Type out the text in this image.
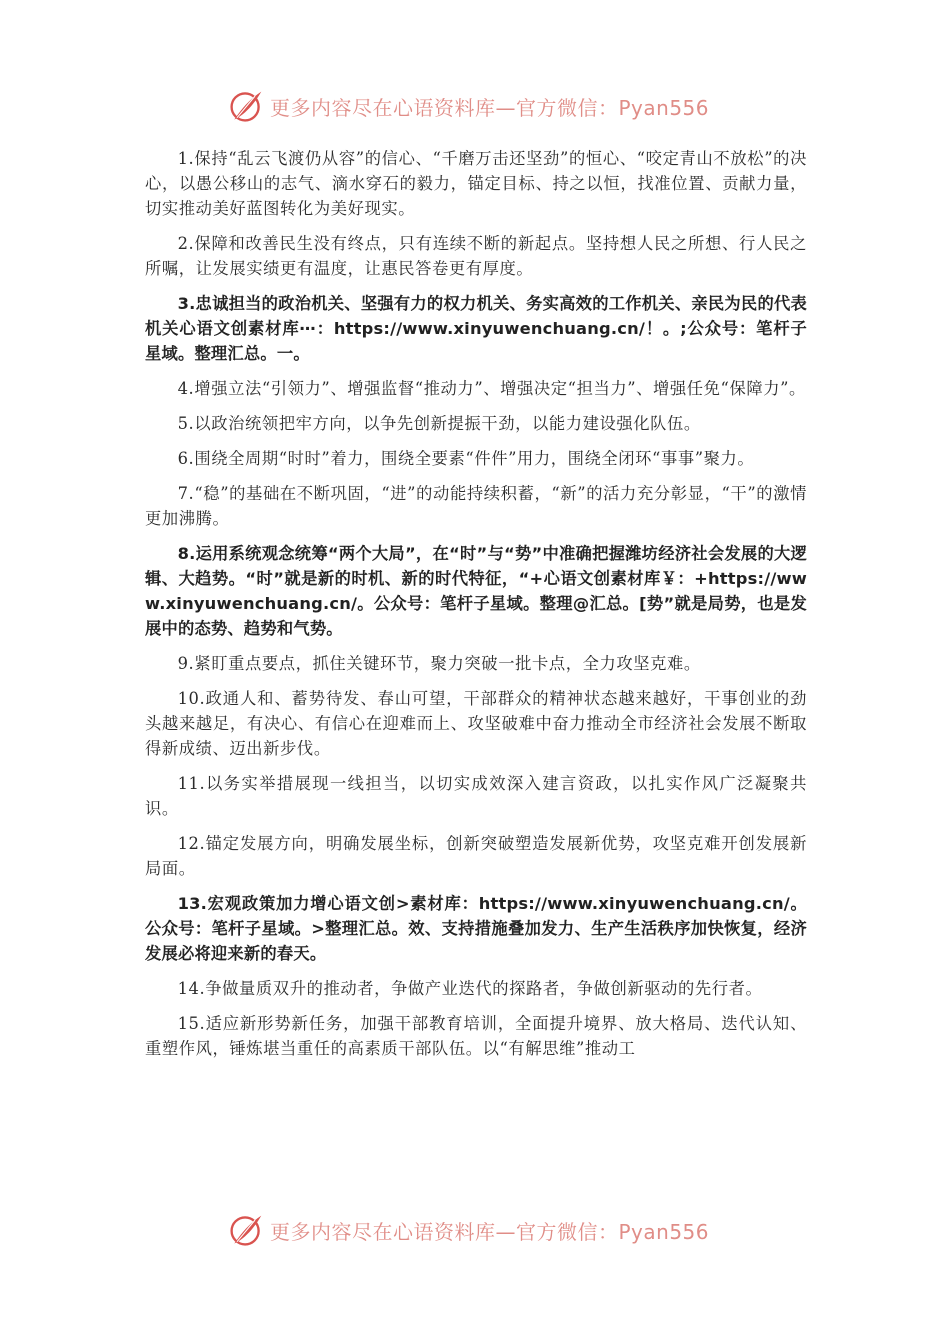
更多内容尽在心语资料库—官方微信：Pyan556

1.保持“乱云飞渡仍从容”的信心、“千磨万击还坚劲”的恒心、“咬定青山不放松”的决心，以愚公移山的志气、滴水穿石的毅力，锚定目标、持之以恒，找准位置、贡献力量，切实推动美好蓝图转化为美好现实。

2.保障和改善民生没有终点，只有连续不断的新起点。坚持想人民之所想、行人民之所嘱，让发展实绩更有温度，让惠民答卷更有厚度。

3.忠诚担当的政治机关、坚强有力的权力机关、务实高效的工作机关、亲民为民的代表机关心语文创素材库⋯：https://www.xinyuwenchuang.cn/！。;公众号：笔杆子星域。整理汇总。一。

4.增强立法“引领力”、增强监督“推动力”、增强决定“担当力”、增强任免“保障力”。

5.以政治统领把牢方向，以争先创新提振干劲，以能力建设强化队伍。

6.围绕全周期“时时”着力，围绕全要素“件件”用力，围绕全闭环“事事”聚力。

7.“稳”的基础在不断巩固，“进”的动能持续积蓄，“新”的活力充分彰显，“干”的激情更加沸腾。

8.运用系统观念统筹“两个大局”，在“时”与“势”中准确把握潍坊经济社会发展的大逻辑、大趋势。“时”就是新的时机、新的时代特征，“+心语文创素材库￥：+https://www.xinyuwenchuang.cn/。公众号：笔杆子星域。整理@汇总。[势”就是局势，也是发展中的态势、趋势和气势。

9.紧盯重点要点，抓住关键环节，聚力突破一批卡点，全力攻坚克难。

10.政通人和、蓄势待发、春山可望，干部群众的精神状态越来越好，干事创业的劲头越来越足，有决心、有信心在迎难而上、攻坚破难中奋力推动全市经济社会发展不断取得新成绩、迈出新步伐。

11.以务实举措展现一线担当，以切实成效深入建言资政，以扎实作风广泛凝聚共识。

12.锚定发展方向，明确发展坐标，创新突破塑造发展新优势，攻坚克难开创发展新局面。

13.宏观政策加力增心语文创>素材库：https://www.xinyuwenchuang.cn/。公众号：笔杆子星域。>整理汇总。效、支持措施叠加发力、生产生活秩序加快恢复，经济发展必将迎来新的春天。

14.争做量质双升的推动者，争做产业迭代的探路者，争做创新驱动的先行者。

15.适应新形势新任务，加强干部教育培训，全面提升境界、放大格局、迭代认知、重塑作风，锤炼堪当重任的高素质干部队伍。以“有解思维”推动工

更多内容尽在心语资料库—官方微信：Pyan556
